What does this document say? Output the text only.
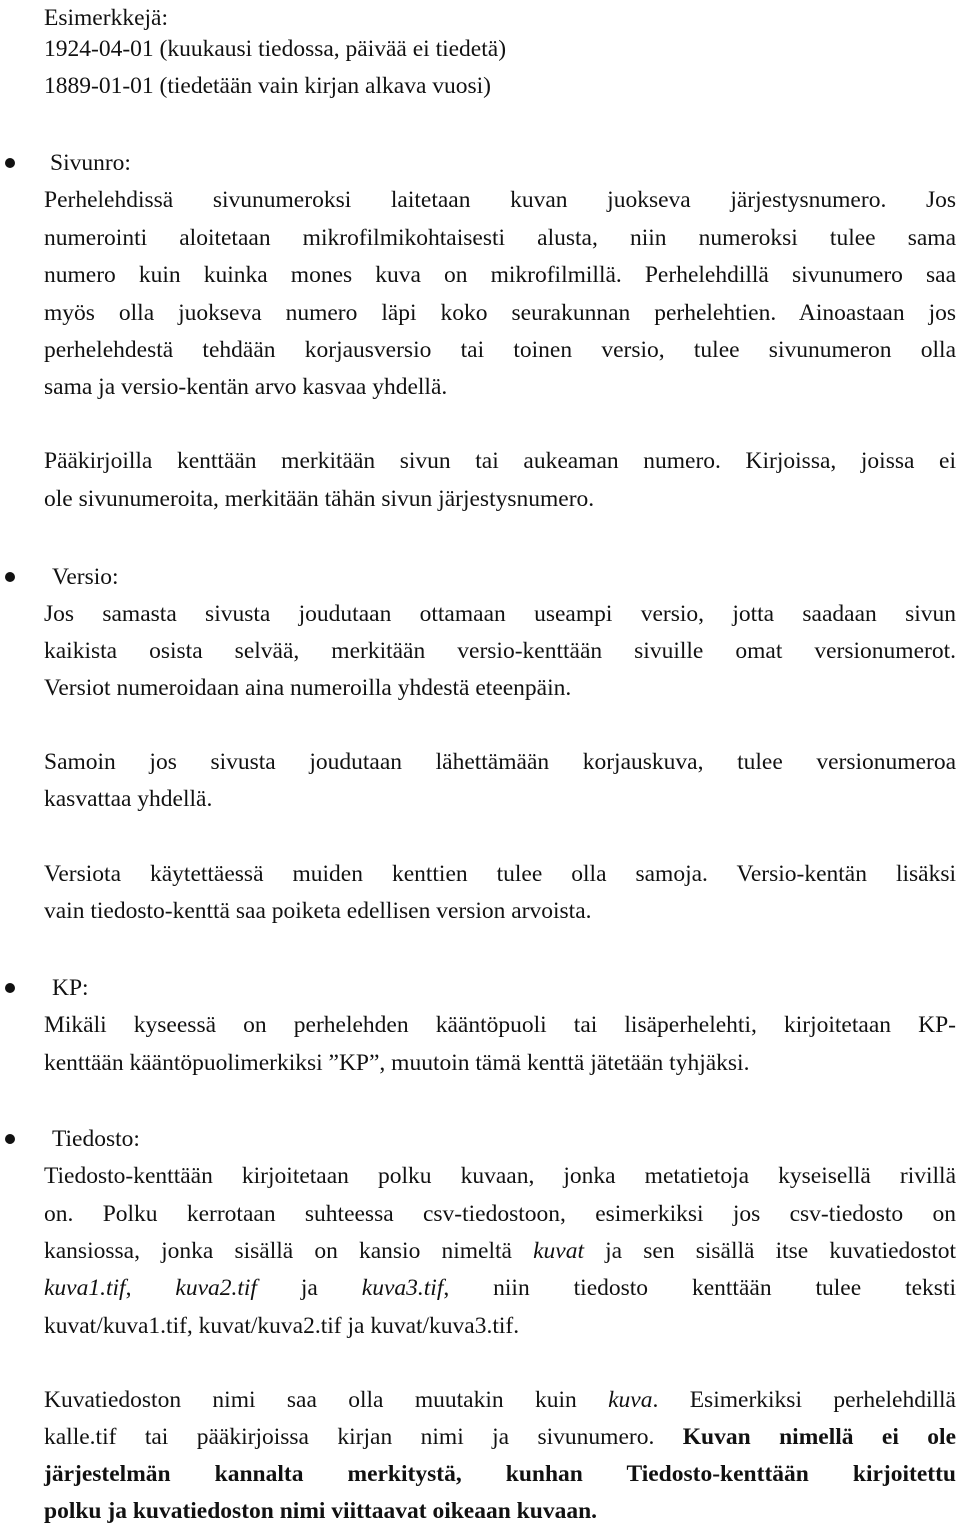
Esimerkkejä:
1924-04-01 (kuukausi tiedossa, päivää ei tiedetä)
1889-01-01 (tiedetään vain kirjan alkava vuosi)
Sivunro:
Perhelehdissä sivunumeroksi laitetaan kuvan juokseva järjestysnumero. Jos
numerointi aloitetaan mikrofilmikohtaisesti alusta, niin numeroksi tulee sama
numero kuin kuinka mones kuva on mikrofilmillä. Perhelehdillä sivunumero saa
myös olla juokseva numero läpi koko seurakunnan perhelehtien. Ainoastaan jos
perhelehdestä tehdään korjausversio tai toinen versio, tulee sivunumeron olla
sama ja versio-kentän arvo kasvaa yhdellä.
Pääkirjoilla kenttään merkitään sivun tai aukeaman numero. Kirjoissa, joissa ei
ole sivunumeroita, merkitään tähän sivun järjestysnumero.
Versio:
Jos samasta sivusta joudutaan ottamaan useampi versio, jotta saadaan sivun
kaikista osista selvää, merkitään versio-kenttään sivuille omat versionumerot.
Versiot numeroidaan aina numeroilla yhdestä eteenpäin.
Samoin jos sivusta joudutaan lähettämään korjauskuva, tulee versionumeroa
kasvattaa yhdellä.
Versiota käytettäessä muiden kenttien tulee olla samoja. Versio-kentän lisäksi
vain tiedosto-kenttä saa poiketa edellisen version arvoista.
KP:
Mikäli kyseessä on perhelehden kääntöpuoli tai lisäperhelehti, kirjoitetaan KP-
kenttään kääntöpuolimerkiksi ”KP”, muutoin tämä kenttä jätetään tyhjäksi.
Tiedosto:
Tiedosto-kenttään kirjoitetaan polku kuvaan, jonka metatietoja kyseisellä rivillä
on. Polku kerrotaan suhteessa csv-tiedostoon, esimerkiksi jos csv-tiedosto on
kansiossa, jonka sisällä on kansio nimeltä kuvat ja sen sisällä itse kuvatiedostot
kuva1.tif, kuva2.tif ja kuva3.tif, niin tiedosto kenttään tulee teksti
kuvat/kuva1.tif, kuvat/kuva2.tif ja kuvat/kuva3.tif.
Kuvatiedoston nimi saa olla muutakin kuin kuva. Esimerkiksi perhelehdillä
kalle.tif tai pääkirjoissa kirjan nimi ja sivunumero. Kuvan nimellä ei ole
järjestelmän kannalta merkitystä, kunhan Tiedosto-kenttään kirjoitettu
polku ja kuvatiedoston nimi viittaavat oikeaan kuvaan.
